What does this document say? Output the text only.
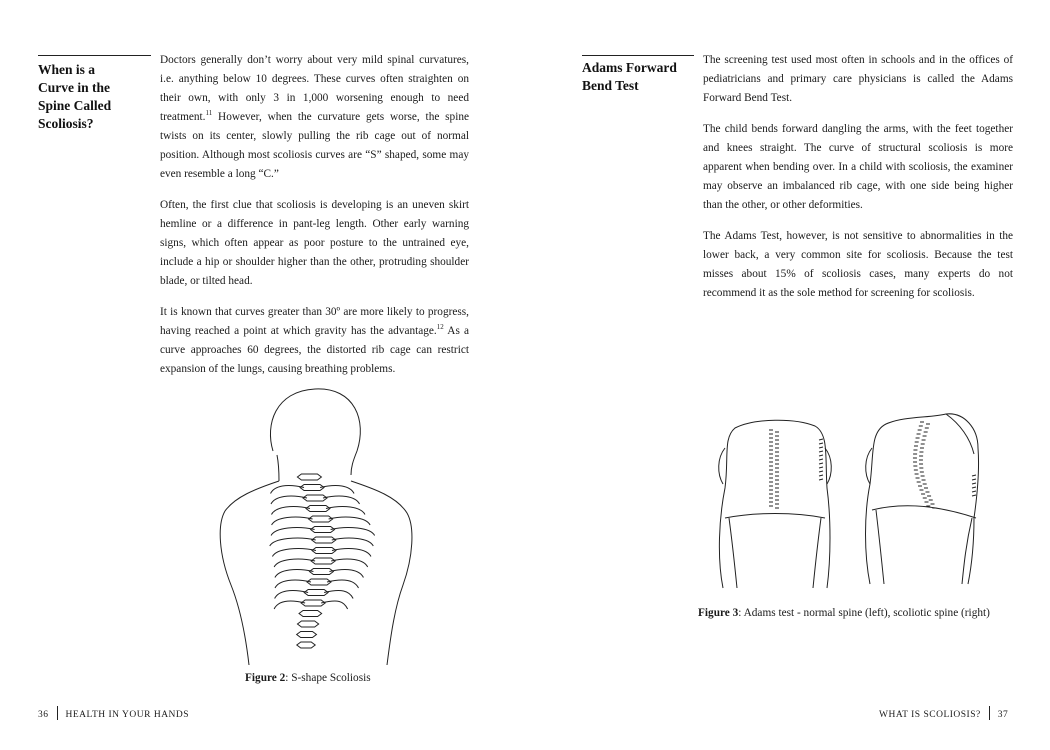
When is a
Curve in the
Spine Called
Scoliosis?

Doctors generally don’t worry about very mild spinal curvatures, i.e. anything below 10 degrees. These curves often straighten on their own, with only 3 in 1,000 worsening enough to need treatment.$^{11}$ However, when the curvature gets worse, the spine twists on its center, slowly pulling the rib cage out of normal position. Although most scoliosis curves are “S” shaped, some may even resemble a long “C.”

Often, the first clue that scoliosis is developing is an uneven skirt hemline or a difference in pant-leg length. Other early warning signs, which often appear as poor posture to the untrained eye, include a hip or shoulder higher than the other, protruding shoulder blade, or tilted head.

It is known that curves greater than 30º are more likely to progress, having reached a point at which gravity has the advantage.$^{12}$ As a curve approaches 60 degrees, the distorted rib cage can restrict expansion of the lungs, causing breathing problems.

Figure 2: S-shape Scoliosis
36 HEALTH IN YOUR HANDS
Adams Forward
Bend Test

The screening test used most often in schools and in the offices of pediatricians and primary care physicians is called the Adams Forward Bend Test.

The child bends forward dangling the arms, with the feet together and knees straight. The curve of structural scoliosis is more apparent when bending over. In a child with scoliosis, the examiner may observe an imbalanced rib cage, with one side being higher than the other, or other deformities.

The Adams Test, however, is not sensitive to abnormalities in the lower back, a very common site for scoliosis. Because the test misses about 15% of scoliosis cases, many experts do not recommend it as the sole method for screening for scoliosis.

Figure 3: Adams test - normal spine (left), scoliotic spine (right)
WHAT IS SCOLIOSIS? 37
